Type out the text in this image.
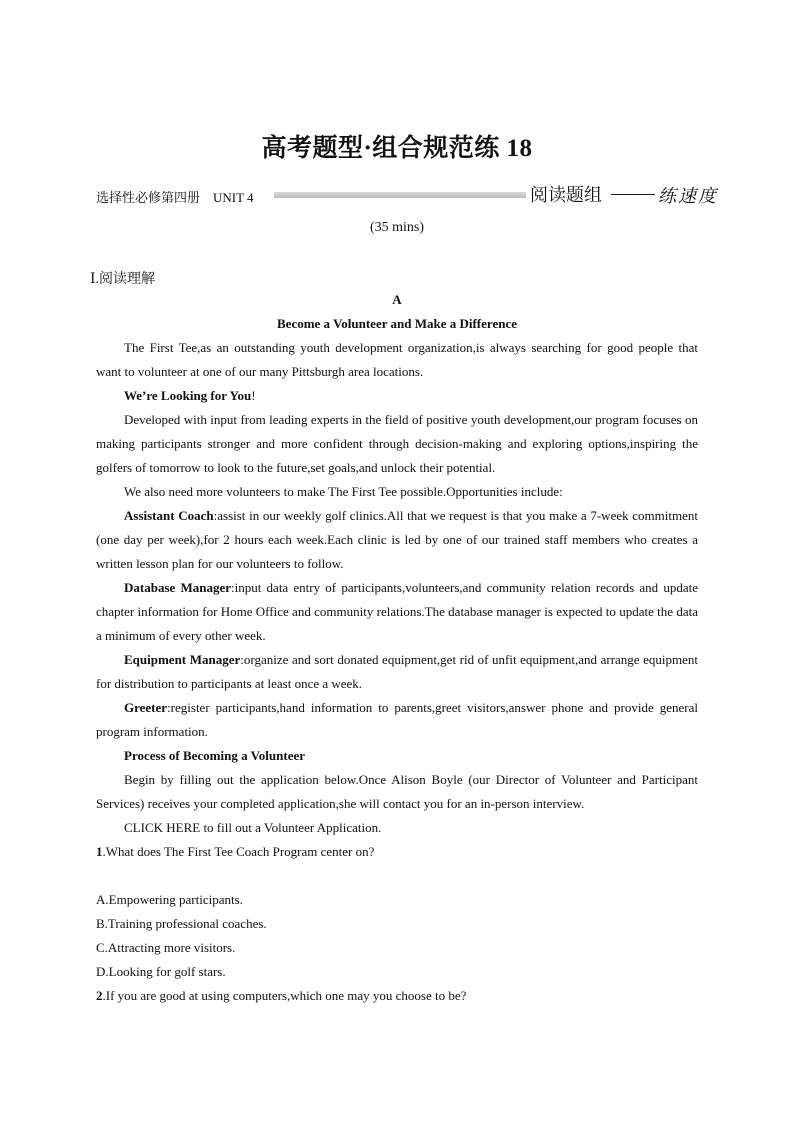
高考题型·组合规范练 18
选择性必修第四册　UNIT 4	阅读题组	练速度
(35 mins)
Ⅰ.阅读理解

A

Become a Volunteer and Make a Difference

The First Tee,as an outstanding youth development organization,is always searching for good people that want to volunteer at one of our many Pittsburgh area locations.

We’re Looking for You!

Developed with input from leading experts in the field of positive youth development,our program focuses on making participants stronger and more confident through decision-making and exploring options,inspiring the golfers of tomorrow to look to the future,set goals,and unlock their potential.

We also need more volunteers to make The First Tee possible.Opportunities include:

Assistant Coach:assist in our weekly golf clinics.All that we request is that you make a 7-week commitment (one day per week),for 2 hours each week.Each clinic is led by one of our trained staff members who creates a written lesson plan for our volunteers to follow.

Database Manager:input data entry of participants,volunteers,and community relation records and update chapter information for Home Office and community relations.The database manager is expected to update the data a minimum of every other week.

Equipment Manager:organize and sort donated equipment,get rid of unfit equipment,and arrange equipment for distribution to participants at least once a week.

Greeter:register participants,hand information to parents,greet visitors,answer phone and provide general program information.

Process of Becoming a Volunteer

Begin by filling out the application below.Once Alison Boyle (our Director of Volunteer and Participant Services) receives your completed application,she will contact you for an in-person interview.

CLICK HERE to fill out a Volunteer Application.

1.What does The First Tee Coach Program center on?

A.Empowering participants.

B.Training professional coaches.

C.Attracting more visitors.

D.Looking for golf stars.

2.If you are good at using computers,which one may you choose to be?
